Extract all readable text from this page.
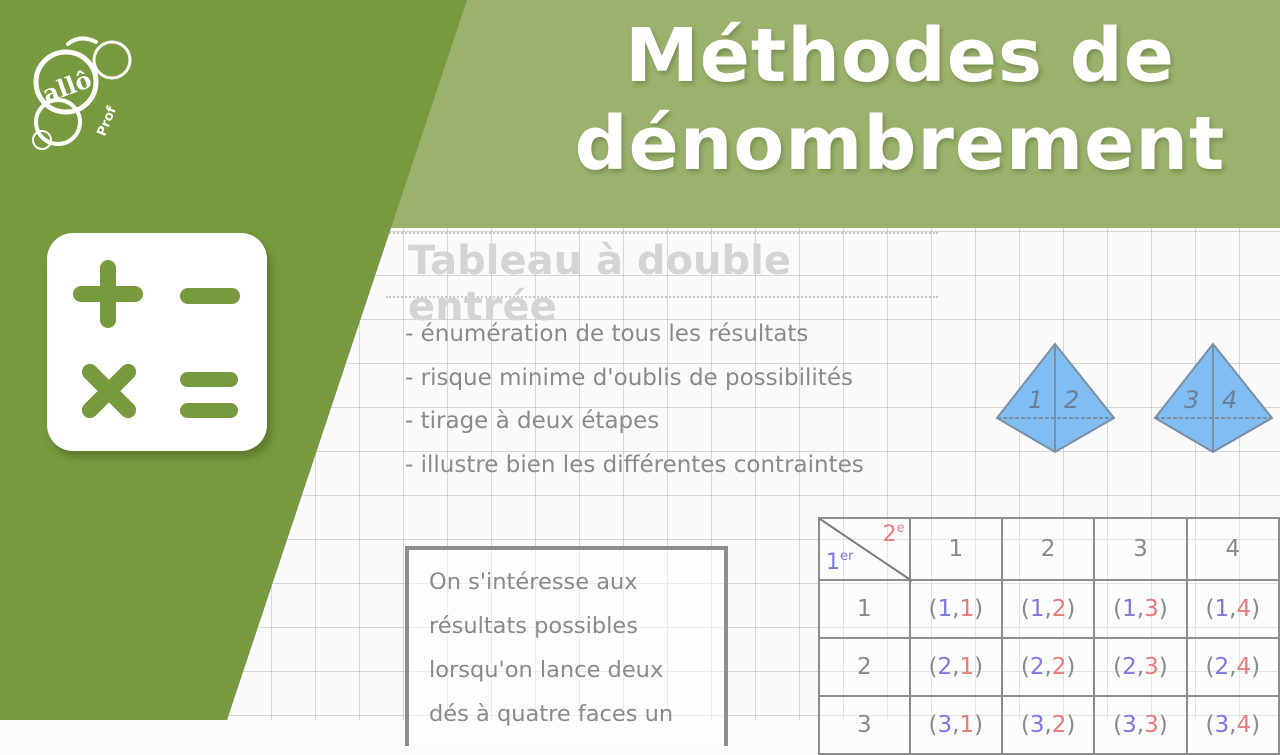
Méthodes de
dénombrement
Tableau à double entrée
- énumération de tous les résultats
- risque minime d'oublis de possibilités
- tirage à deux étapes
- illustre bien les différentes contraintes

On s'intéresse aux
résultats possibles
lorsqu'on lance deux
dés à quatre faces un

1 2	3 4
1er
2e	1	2	3	4
1	(1,1)	(1,2)	(1,3)	(1,4)
2	(2,1)	(2,2)	(2,3)	(2,4)
3	(3,1)	(3,2)	(3,3)	(3,4)
allô
Prof
